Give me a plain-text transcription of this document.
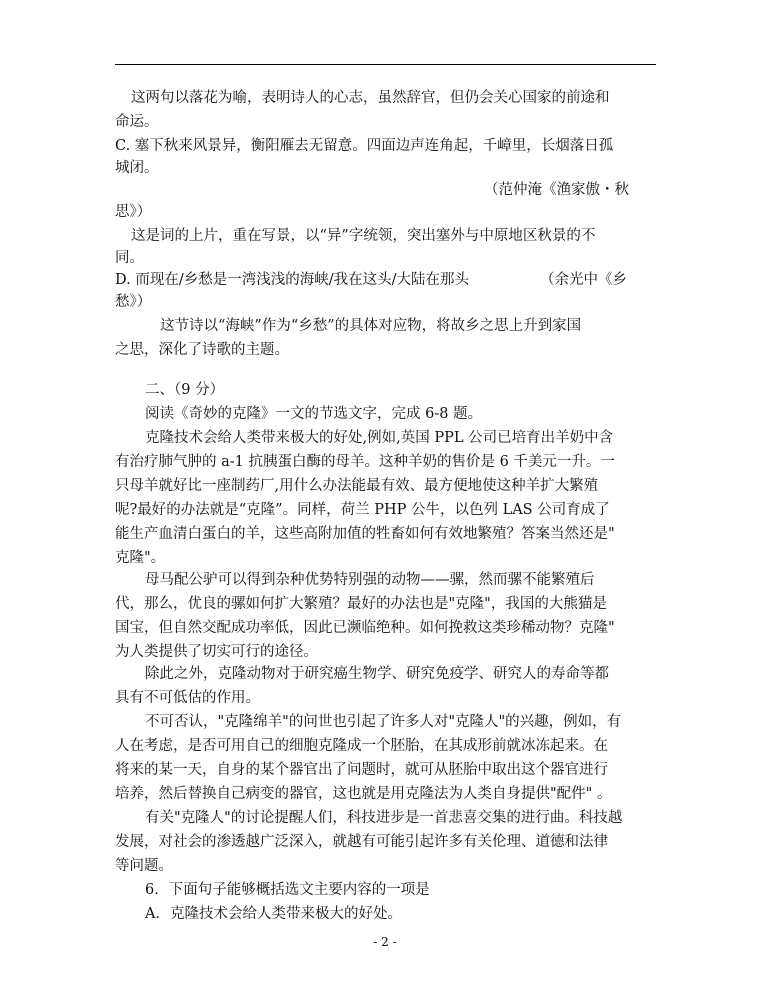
这两句以落花为喻，表明诗人的心志，虽然辞官，但仍会关心国家的前途和
命运。
C. 塞下秋来风景异，衡阳雁去无留意。四面边声连角起，千嶂里，长烟落日孤
城闭。
（范仲淹《渔家傲・秋
思》）
这是词的上片，重在写景，以“异”字统领，突出塞外与中原地区秋景的不
同。
D. 而现在/乡愁是一湾浅浅的海峡/我在这头/大陆在那头	（余光中《乡
愁》）
这节诗以“海峡”作为“乡愁”的具体对应物，将故乡之思上升到家国
之思，深化了诗歌的主题。
二、（9 分）
阅读《奇妙的克隆》一文的节选文字，完成 6-8 题。
克隆技术会给人类带来极大的好处,例如,英国 PPL 公司已培育出羊奶中含
有治疗肺气肿的 a-1 抗胰蛋白酶的母羊。这种羊奶的售价是 6 千美元一升。一
只母羊就好比一座制药厂,用什么办法能最有效、最方便地使这种羊扩大繁殖
呢?最好的办法就是“克隆”。同样，荷兰 PHP 公牛，以色列 LAS 公司育成了
能生产血清白蛋白的羊，这些高附加值的牲畜如何有效地繁殖？答案当然还是"
克隆"。
母马配公驴可以得到杂种优势特别强的动物——骡，然而骡不能繁殖后
代，那么，优良的骡如何扩大繁殖？最好的办法也是"克隆"，我国的大熊猫是
国宝，但自然交配成功率低，因此已濒临绝种。如何挽救这类珍稀动物？克隆"
为人类提供了切实可行的途径。
除此之外，克隆动物对于研究癌生物学、研究免疫学、研究人的寿命等都
具有不可低估的作用。
不可否认，"克隆绵羊"的问世也引起了许多人对"克隆人"的兴趣，例如，有
人在考虑，是否可用自己的细胞克隆成一个胚胎，在其成形前就冰冻起来。在
将来的某一天，自身的某个器官出了问题时，就可从胚胎中取出这个器官进行
培养，然后替换自己病变的器官，这也就是用克隆法为人类自身提供"配件" 。
有关"克隆人"的讨论提醒人们，科技进步是一首悲喜交集的进行曲。科技越
发展，对社会的渗透越广泛深入，就越有可能引起许多有关伦理、道德和法律
等问题。
6．下面句子能够概括选文主要内容的一项是
A．克隆技术会给人类带来极大的好处。
- 2 -
